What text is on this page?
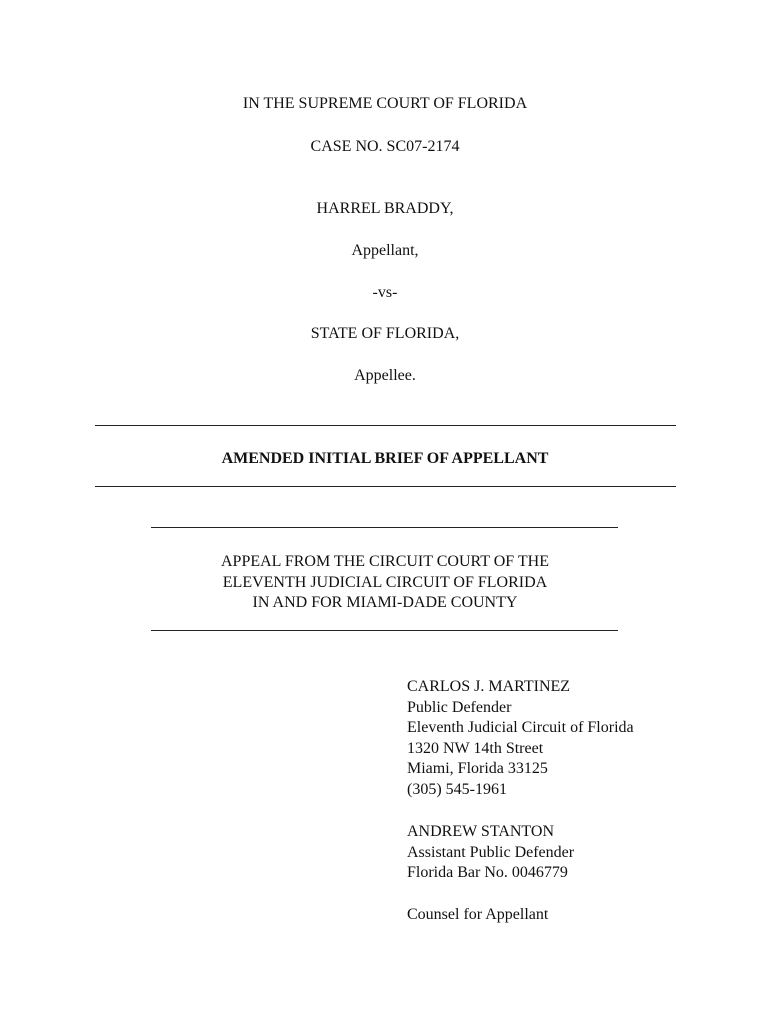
IN THE SUPREME COURT OF FLORIDA
CASE NO. SC07-2174
HARREL BRADDY,
Appellant,
-vs-
STATE OF FLORIDA,
Appellee.
AMENDED INITIAL BRIEF OF APPELLANT
APPEAL FROM THE CIRCUIT COURT OF THE
ELEVENTH JUDICIAL CIRCUIT OF FLORIDA
IN AND FOR MIAMI-DADE COUNTY
CARLOS J. MARTINEZ
Public Defender
Eleventh Judicial Circuit of Florida
1320 NW 14th Street
Miami, Florida 33125
(305) 545-1961
ANDREW STANTON
Assistant Public Defender
Florida Bar No. 0046779
Counsel for Appellant
